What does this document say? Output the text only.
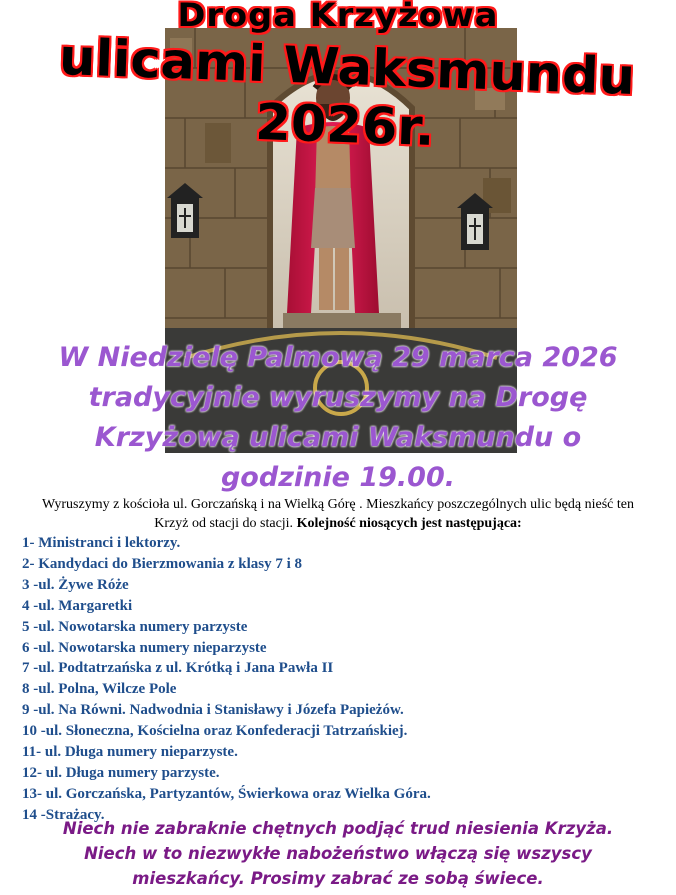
Droga Krzyżowa
ulicami Waksmundu 2026r.
W Niedzielę Palmową 29 marca 2026
tradycyjnie wyruszymy na Drogę
Krzyżową ulicami Waksmundu o
godzinie 19.00.
Wyruszymy z kościoła ul. Gorczańską i na Wielką Górę . Mieszkańcy poszczególnych ulic będą nieść ten Krzyż od stacji do stacji. Kolejność niosących jest następująca:
1- Ministranci i lektorzy.
2- Kandydaci do Bierzmowania z klasy 7 i 8
3 -ul. Żywe Róże
4 -ul. Margaretki
5 -ul. Nowotarska numery parzyste
6 -ul. Nowotarska numery nieparzyste
7 -ul. Podtatrzańska z ul. Krótką i Jana Pawła II
8 -ul. Polna, Wilcze Pole
9 -ul. Na Równi. Nadwodnia i Stanisławy i Józefa Papieżów.
10 -ul. Słoneczna, Kościelna oraz Konfederacji Tatrzańskiej.
11- ul. Długa numery nieparzyste.
12- ul. Długa numery parzyste.
13- ul. Gorczańska, Partyzantów, Świerkowa oraz Wielka Góra.
14 -Strażacy.
Niech nie zabraknie chętnych podjąć trud niesienia Krzyża.
Niech w to niezwykłe nabożeństwo włączą się wszyscy
mieszkańcy. Prosimy zabrać ze sobą świece.
